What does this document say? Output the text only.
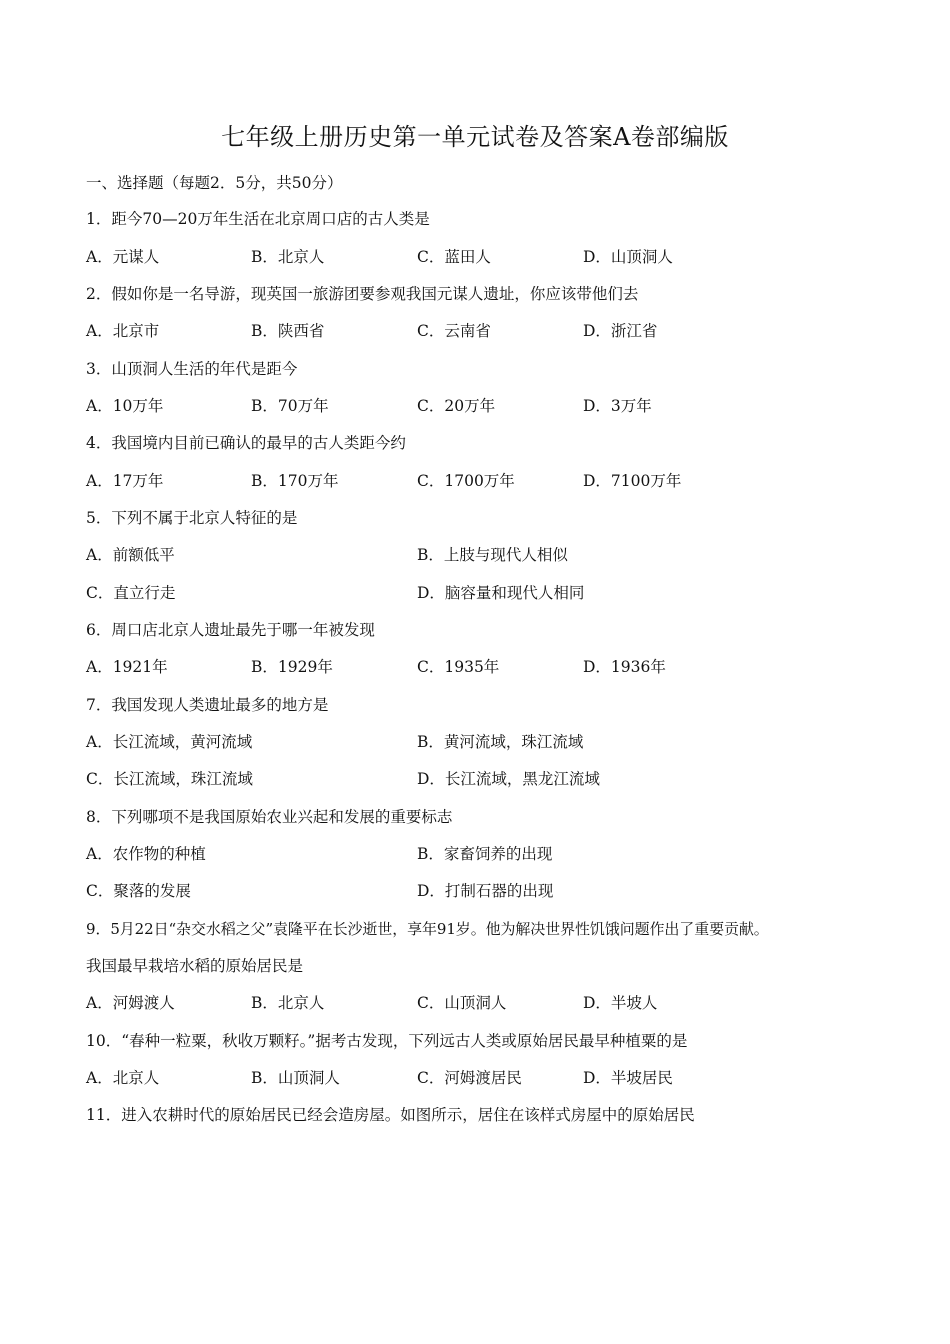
七年级上册历史第一单元试卷及答案A卷部编版
一、选择题（每题2．5分，共50分）
1．距今70—20万年生活在北京周口店的古人类是
A．元谋人	B．北京人	C．蓝田人	D．山顶洞人
2．假如你是一名导游，现英国一旅游团要参观我国元谋人遗址，你应该带他们去
A．北京市	B．陕西省	C．云南省	D．浙江省
3．山顶洞人生活的年代是距今
A．10万年	B．70万年	C．20万年	D．3万年
4．我国境内目前已确认的最早的古人类距今约
A．17万年	B．170万年	C．1700万年	D．7100万年
5．下列不属于北京人特征的是
A．前额低平	B．上肢与现代人相似
C．直立行走	D．脑容量和现代人相同
6．周口店北京人遗址最先于哪一年被发现
A．1921年	B．1929年	C．1935年	D．1936年
7．我国发现人类遗址最多的地方是
A．长江流域，黄河流域	B．黄河流域，珠江流域
C．长江流域，珠江流域	D．长江流域，黑龙江流域
8．下列哪项不是我国原始农业兴起和发展的重要标志
A．农作物的种植	B．家畜饲养的出现
C．聚落的发展	D．打制石器的出现
9．5月22日“杂交水稻之父”袁隆平在长沙逝世，享年91岁。他为解决世界性饥饿问题作出了重要贡献。
我国最早栽培水稻的原始居民是
A．河姆渡人	B．北京人	C．山顶洞人	D．半坡人
10．“春种一粒粟，秋收万颗籽。”据考古发现，下列远古人类或原始居民最早种植粟的是
A．北京人	B．山顶洞人	C．河姆渡居民	D．半坡居民
11．进入农耕时代的原始居民已经会造房屋。如图所示，居住在该样式房屋中的原始居民
